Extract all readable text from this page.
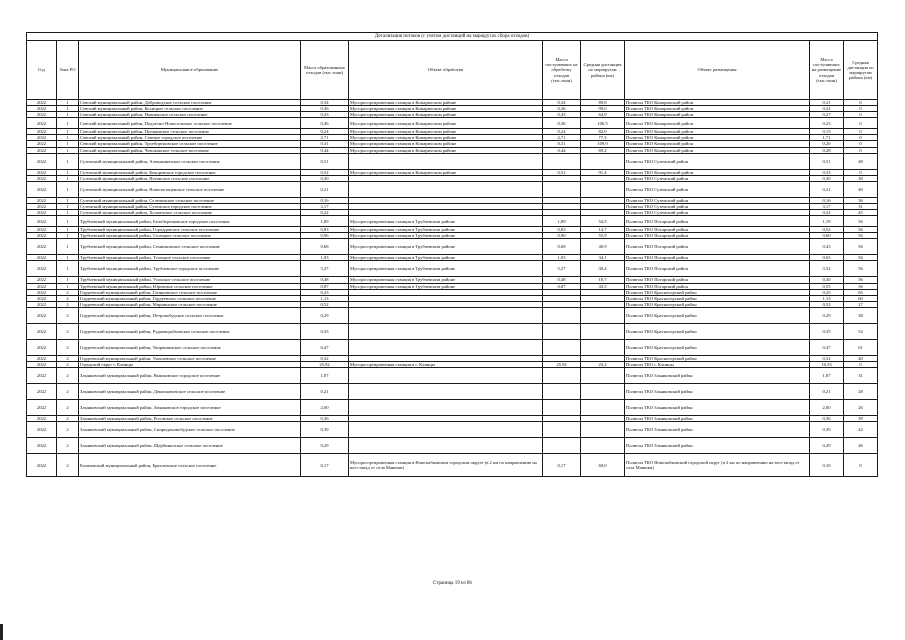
Детализация потоков (с учетом дистанций на маршрутах сбора отходов)									
Год	Зона РО	Муниципальное образование	Масса образованных отходов (тыс.тонн)	Объект обработки	Масса поступивших на обработку отходов (тыс.тонн)	Средняя дистанция по маршрутам района (км)	Объект размещения	Масса поступивших на размещение отходов (тыс.тонн)	Средняя дистанция по маршрутам района (км)
2022	1	Севский муниципальный район, Доброводское сельское поселение	0,34	Мусоросортировочная станция в Комаричском районе	0,34	89,8	Полигон ТКО Комаричский район	0,21	0
2022	1	Севский муниципальный район, Косицкое сельское поселение	0,36	Мусоросортировочная станция в Комаричском районе	0,36	99,0	Полигон ТКО Комаричский район	0,22	0
2022	1	Севский муниципальный район, Новоямское сельское поселение	0,43	Мусоросортировочная станция в Комаричском районе	0,43	64,9	Полигон ТКО Комаричский район	0,27	0
2022	1	Севский муниципальный район, Подлесно-Новосельское сельское поселение	0,36	Мусоросортировочная станция в Комаричском районе	0,36	100,5	Полигон ТКО Комаричский район	0,23	0
2022	1	Севский муниципальный район, Пушкинское сельское поселение	0,24	Мусоросортировочная станция в Комаричском районе	0,24	82,0	Полигон ТКО Комаричский район	0,15	0
2022	1	Севский муниципальный район, Севское городское поселение	2,71	Мусоросортировочная станция в Комаричском районе	2,71	77,3	Полигон ТКО Комаричский район	1,71	0
2022	1	Севский муниципальный район, Троебортновское сельское поселение	0,31	Мусоросортировочная станция в Комаричском районе	0,31	109,9	Полигон ТКО Комаричский район	0,20	0
2022	1	Севский муниципальный район, Чемлыжское сельское поселение	0,44	Мусоросортировочная станция в Комаричском районе	0,44	69,2	Полигон ТКО Комаричский район	0,28	0
2022	1	Суземский муниципальный район, Алешковичское сельское поселение	0,51				Полигон ТКО Суземский район	0,51	48
2022	1	Суземский муниципальный район, Кокоревское городское поселение	0,52	Мусоросортировочная станция в Комаричском районе	0,52	91,4	Полигон ТКО Комаричский район	0,33	0
2022	1	Суземский муниципальный район, Негинское сельское поселение	0,30				Полигон ТКО Суземский район	0,30	30
2022	1	Суземский муниципальный район, Новопогощенское сельское поселение	0,21				Полигон ТКО Суземский район	0,21	40
2022	1	Суземский муниципальный район, Селечинское сельское поселение	0,16				Полигон ТКО Суземский район	0,16	36
2022	1	Суземский муниципальный район, Суземское городское поселение	3,17				Полигон ТКО Суземский район	3,17	31
2022	1	Суземский муниципальный район, Холмечское сельское поселение	0,22				Полигон ТКО Суземский район	0,22	45
2022	1	Трубчевский муниципальный район, Белоберезковское городское поселение	1,89	Мусоросортировочная станция в Трубчевском районе	1,89	54,5	Полигон ТКО Погарский район	1,19	56
2022	1	Трубчевский муниципальный район, Городцовское сельское поселение	0,83	Мусоросортировочная станция в Трубчевском районе	0,83	14,7	Полигон ТКО Погарский район	0,52	56
2022	1	Трубчевский муниципальный район, Селецкое сельское поселение	0,96	Мусоросортировочная станция в Трубчевском районе	0,96	55,9	Полигон ТКО Погарский район	0,60	56
2022	1	Трубчевский муниципальный район, Семячковское сельское поселение	0,68	Мусоросортировочная станция в Трубчевском районе	0,68	40,9	Полигон ТКО Погарский район	0,43	56
2022	1	Трубчевский муниципальный район, Телецкое сельское поселение	1,03	Мусоросортировочная станция в Трубчевском районе	1,03	34,1	Полигон ТКО Погарский район	0,65	56
2022	1	Трубчевский муниципальный район, Трубчевское городское поселение	5,27	Мусоросортировочная станция в Трубчевском районе	5,27	30,4	Полигон ТКО Погарский район	3,32	56
2022	1	Трубчевский муниципальный район, Усохское сельское поселение	0,48	Мусоросортировочная станция в Трубчевском районе	0,48	18,7	Полигон ТКО Погарский район	0,30	56
2022	1	Трубчевский муниципальный район, Юровское сельское поселение	0,87	Мусоросортировочная станция в Трубчевском районе	0,87	43,3	Полигон ТКО Погарский район	0,55	56
2022	2	Гордеевский муниципальный район, Глинновское сельское поселение	0,25				Полигон ТКО Красногорский район	0,25	65
2022	2	Гордеевский муниципальный район, Гордеевское сельское поселение	1,13				Полигон ТКО Красногорский район	1,13	60
2022	2	Гордеевский муниципальный район, Мирнинское сельское поселение	0,52				Полигон ТКО Красногорский район	0,52	27
2022	2	Гордеевский муниципальный район, Петровобудское сельское поселение	0,29				Полигон ТКО Красногорский район	0,29	38
2022	2	Гордеевский муниципальный район, Рудневоробьевское сельское поселение	0,35				Полигон ТКО Красногорский район	0,35	52
2022	2	Гордеевский муниципальный район, Творишинское сельское поселение	0,47				Полигон ТКО Красногорский район	0,47	61
2022	2	Гордеевский муниципальный район, Уношевское сельское поселение	0,32				Полигон ТКО Красногорский район	0,32	40
2022	2	Городской округ г. Клинцы	25,92	Мусоросортировочная станция в г. Клинцы	25,92	24,2	Полигон ТКО г. Клинцы	16,33	0
2022	2	Злынковский муниципальный район, Вышковское городское поселение	1,07				Полигон ТКО Злынковский район	1,07	31
2022	2	Злынковский муниципальный район, Денисковичское сельское поселение	0,21				Полигон ТКО Злынковский район	0,21	28
2022	2	Злынковский муниципальный район, Злынковское городское поселение	2,00				Полигон ТКО Злынковский район	2,00	26
2022	2	Злынковский муниципальный район, Роговское сельское поселение	0,36				Полигон ТКО Злынковский район	0,36	39
2022	2	Злынковский муниципальный район, Спиридоновобудское сельское поселение	0,39				Полигон ТКО Злынковский район	0,39	42
2022	2	Злынковский муниципальный район, Щербиничское сельское поселение	0,29				Полигон ТКО Злынковский район	0,29	46
2022	2	Климовский муниципальный район, Брахловское сельское поселение	0,17	Мусоросортировочная станция в Новозыбковском городском округе (в 2 км по направлению на юго-запад от села Манюки)	0,17	60,0	Полигон ТКО Новозыбковский городской округ (в 2 км по направлению на юго-запад от села Манюки)	0,10	0
Страница 19 из 86
